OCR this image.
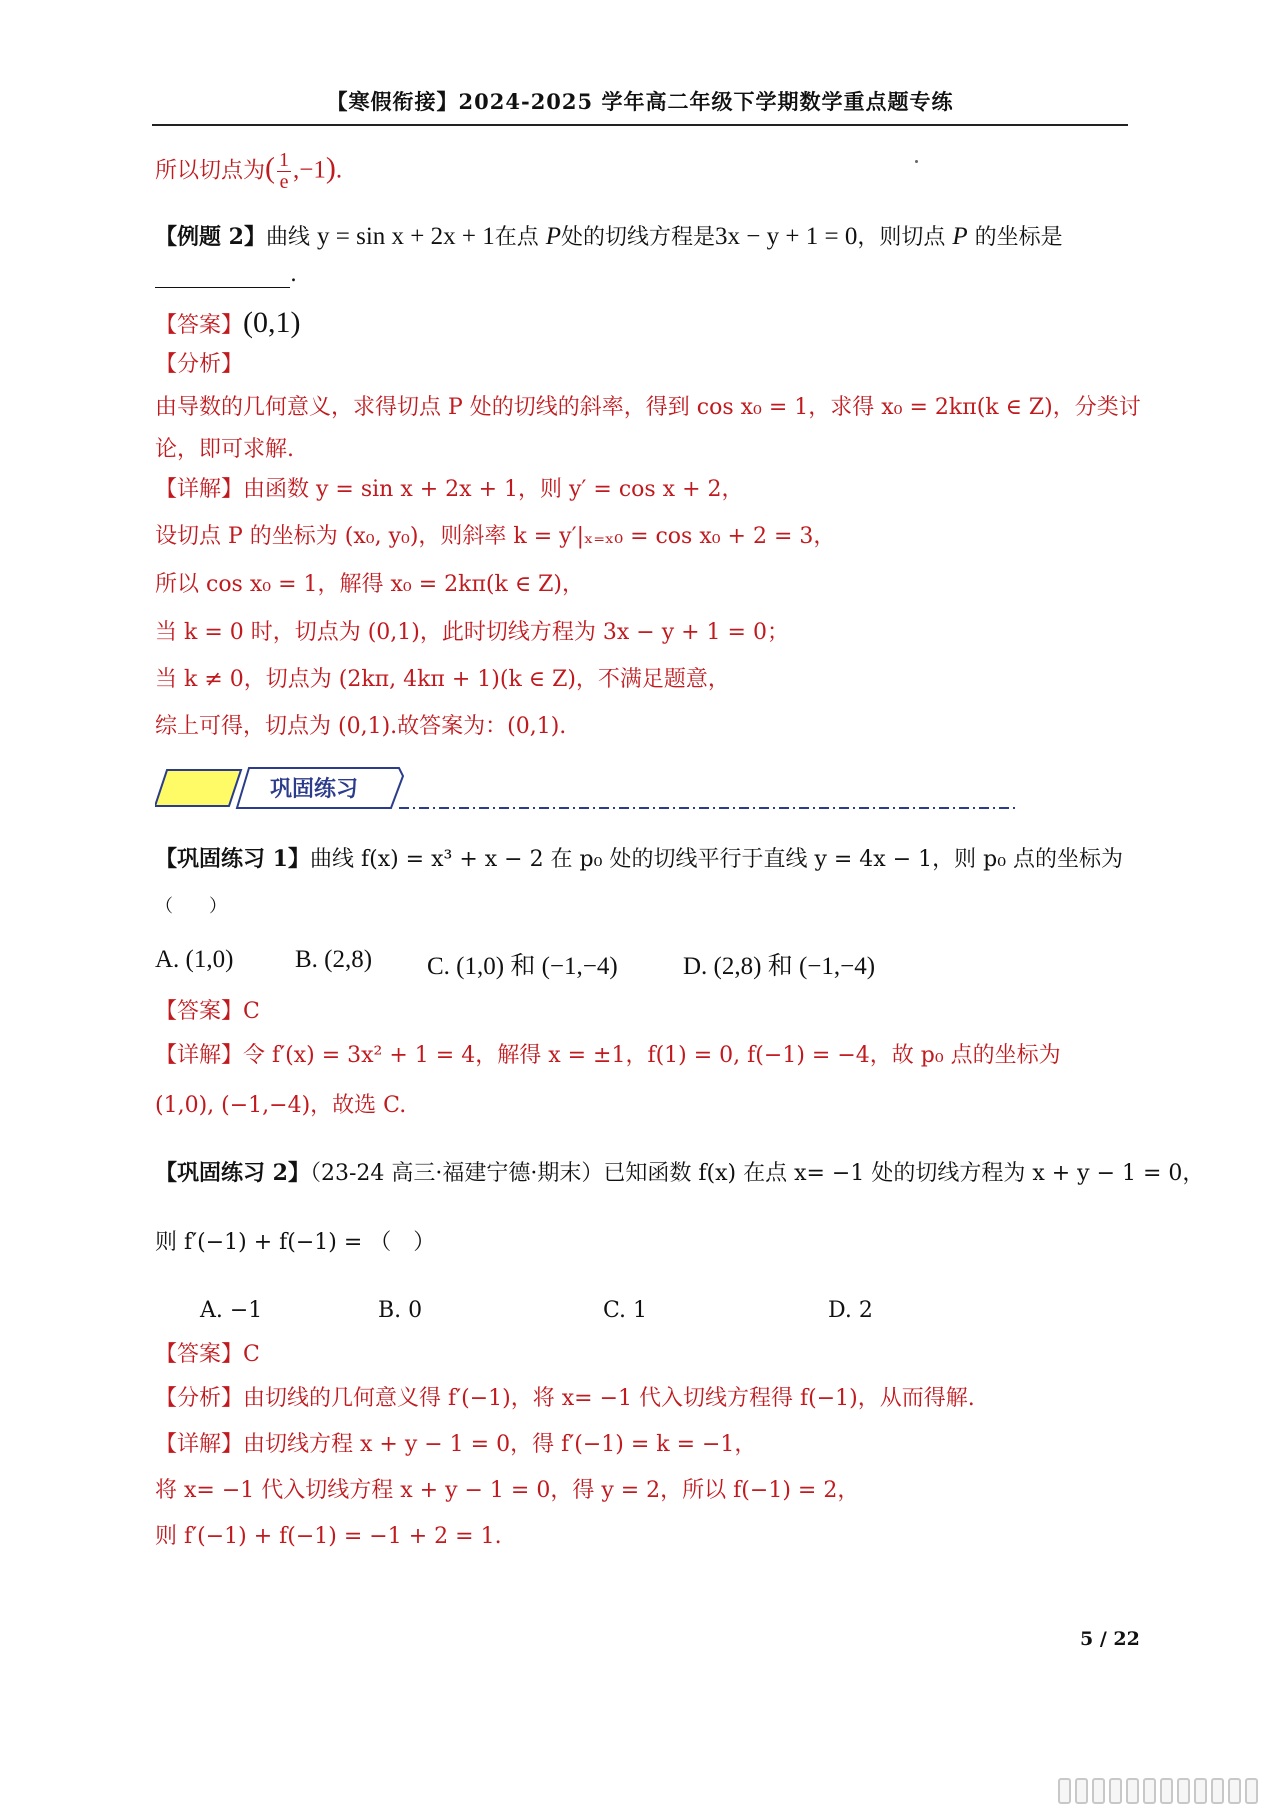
【寒假衔接】2024-2025 学年高二年级下学期数学重点题专练
所以切点为( $\frac{1}{e} ,-1$).
【例题 2】曲线 y = sin x + 2x + 1在点 P处的切线方程是3x − y + 1 = 0，则切点 P 的坐标是
.
【答案】(0,1)
【分析】
由导数的几何意义，求得切点 P 处的切线的斜率，得到 cos x₀ = 1，求得 x₀ = 2kπ(k ∈ Z)，分类讨
论，即可求解.
【详解】由函数 y = sin x + 2x + 1，则 y′ = cos x + 2，
设切点 P 的坐标为 (x₀, y₀)，则斜率 k = y′|ₓ₌ₓ₀ = cos x₀ + 2 = 3，
所以 cos x₀ = 1，解得 x₀ = 2kπ(k ∈ Z)，
当 k = 0 时，切点为 (0,1)，此时切线方程为 3x − y + 1 = 0；
当 k ≠ 0，切点为 (2kπ, 4kπ + 1)(k ∈ Z)，不满足题意，
综上可得，切点为 (0,1).故答案为：(0,1).
巩固练习
【巩固练习 1】曲线 f(x) = x³ + x − 2 在 p₀ 处的切线平行于直线 y = 4x − 1，则 p₀ 点的坐标为
（　　）
A. (1,0) B. (2,8) C. (1,0) 和 (−1,−4)	D. (2,8) 和 (−1,−4)
【答案】C
【详解】令 f′(x) = 3x² + 1 = 4，解得 x = ±1，f(1) = 0, f(−1) = −4，故 p₀ 点的坐标为
(1,0), (−1,−4)，故选 C.
【巩固练习 2】（23-24 高三·福建宁德·期末）已知函数 f(x) 在点 x= −1 处的切线方程为 x + y − 1 = 0，
则 f′(−1) + f(−1) = （　）
A. −1	B. 0	C. 1	D. 2
【答案】C
【分析】由切线的几何意义得 f′(−1)，将 x= −1 代入切线方程得 f(−1)，从而得解.
【详解】由切线方程 x + y − 1 = 0，得 f′(−1) = k = −1，
将 x= −1 代入切线方程 x + y − 1 = 0，得 y = 2，所以 f(−1) = 2，
则 f′(−1) + f(−1) = −1 + 2 = 1.
5 / 22
